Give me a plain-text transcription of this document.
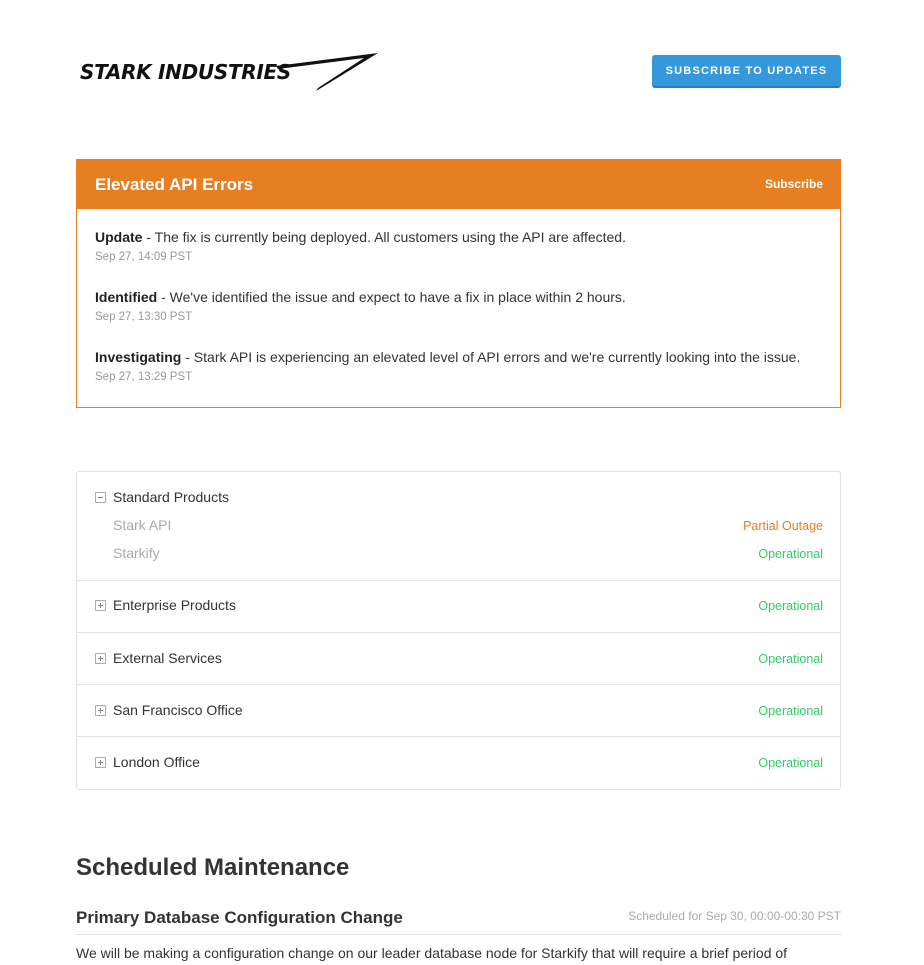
STARK INDUSTRIES	SUBSCRIBE TO UPDATES
Elevated API Errors	Subscribe
Update - The fix is currently being deployed. All customers using the API are affected.
Sep 27, 14:09 PST
Identified - We've identified the issue and expect to have a fix in place within 2 hours.
Sep 27, 13:30 PST
Investigating - Stark API is experiencing an elevated level of API errors and we're currently looking into the issue.
Sep 27, 13:29 PST
Standard Products
Stark API	Partial Outage
Starkify	Operational
Enterprise Products	Operational
External Services	Operational
San Francisco Office	Operational
London Office	Operational
Scheduled Maintenance
Primary Database Configuration Change	Scheduled for Sep 30, 00:00-00:30 PST
We will be making a configuration change on our leader database node for Starkify that will require a brief period of
